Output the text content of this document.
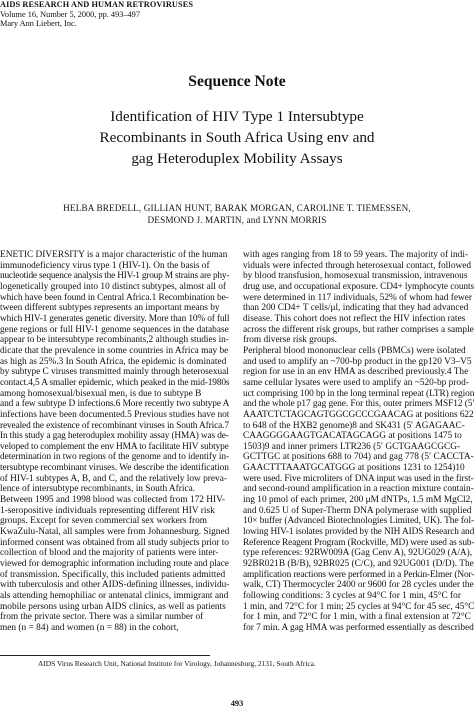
AIDS RESEARCH AND HUMAN RETROVIRUSES
Volume 16, Number 5, 2000, pp. 493–497
Mary Ann Liebert, Inc.
Sequence Note
Identification of HIV Type 1 Intersubtype
Recombinants in South Africa Using env and
gag Heteroduplex Mobility Assays
HELBA BREDELL, GILLIAN HUNT, BARAK MORGAN, CAROLINE T. TIEMESSEN,
DESMOND J. MARTIN, and LYNN MORRIS
ENETIC DIVERSITY is a major characteristic of the human
immunodeficiency virus type 1 (HIV-1). On the basis of
nucleotide sequence analysis the HIV-1 group M strains are phy-
logenetically grouped into 10 distinct subtypes, almost all of
which have been found in Central Africa.1 Recombination be-
tween different subtypes represents an important means by
which HIV-1 generates genetic diversity. More than 10% of full
gene regions or full HIV-1 genome sequences in the database
appear to be intersubtype recombinants,2 although studies in-
dicate that the prevalence in some countries in Africa may be
as high as 25%.3 In South Africa, the epidemic is dominated
by subtype C viruses transmitted mainly through heterosexual
contact.4,5 A smaller epidemic, which peaked in the mid-1980s
among homosexual/bisexual men, is due to subtype B
and a few subtype D infections.6 More recently two subtype A
infections have been documented.5 Previous studies have not
revealed the existence of recombinant viruses in South Africa.7
In this study a gag heteroduplex mobility assay (HMA) was de-
veloped to complement the env HMA to facilitate HIV subtype
determination in two regions of the genome and to identify in-
tersubtype recombinant viruses. We describe the identification
of HIV-1 subtypes A, B, and C, and the relatively low preva-
lence of intersubtype recombinants, in South Africa.
Between 1995 and 1998 blood was collected from 172 HIV-
1-seropositive individuals representing different HIV risk
groups. Except for seven commercial sex workers from
KwaZulu-Natal, all samples were from Johannesburg. Signed
informed consent was obtained from all study subjects prior to
collection of blood and the majority of patients were inter-
viewed for demographic information including route and place
of transmission. Specifically, this included patients admitted
with tuberculosis and other AIDS-defining illnesses, individu-
als attending hemophiliac or antenatal clinics, immigrant and
mobile persons using urban AIDS clinics, as well as patients
from the private sector. There was a similar number of
men (n = 84) and women (n = 88) in the cohort,
with ages ranging from 18 to 59 years. The majority of indi-
viduals were infected through heterosexual contact, followed
by blood transfusion, homosexual transmission, intravenous
drug use, and occupational exposure. CD4+ lymphocyte counts
were determined in 117 individuals, 52% of whom had fewer
than 200 CD4+ T cells/μl, indicating that they had advanced
disease. This cohort does not reflect the HIV infection rates
across the different risk groups, but rather comprises a sample
from diverse risk groups.
Peripheral blood mononuclear cells (PBMCs) were isolated
and used to amplify an ~700-bp product in the gp120 V3–V5
region for use in an env HMA as described previously.4 The
same cellular lysates were used to amplify an ~520-bp prod-
uct comprising 100 bp in the long terminal repeat (LTR) region
and the whole p17 gag gene. For this, outer primers MSF12 (5′
AAATCTCTAGCAGTGGCGCCCGAACAG at positions 622
to 648 of the HXB2 genome)8 and SK431 (5′ AGAGAAC-
CAAGGGGAAGTGACATAGCAGG at positions 1475 to
1503)9 and inner primers LTR236 (5′ GCTGAAGCGCG-
GCTTGC at positions 688 to 704) and gag 778 (5′ CACCTA-
GAACTTTAAATGCATGGG at positions 1231 to 1254)10
were used. Five microliters of DNA input was used in the first-
and second-round amplification in a reaction mixture contain-
ing 10 pmol of each primer, 200 μM dNTPs, 1.5 mM MgCl2,
and 0.625 U of Super-Therm DNA polymerase with supplied
10× buffer (Advanced Biotechnologies Limited, UK). The fol-
lowing HIV-1 isolates provided by the NIH AIDS Research and
Reference Reagent Program (Rockville, MD) were used as sub-
type references: 92RW009A (Gag Cenv A), 92UG029 (A/A),
92BR021B (B/B), 92BR025 (C/C), and 92UG001 (D/D). The
amplification reactions were performed in a Perkin-Elmer (Nor-
walk, CT) Thermocycler 2400 or 9600 for 28 cycles under the
following conditions: 3 cycles at 94°C for 1 min, 45°C for
1 min, and 72°C for 1 min; 25 cycles at 94°C for 45 sec, 45°C
for 1 min, and 72°C for 1 min, with a final extension at 72°C
for 7 min. A gag HMA was performed essentially as described
AIDS Virus Research Unit, National Institute for Virology, Johannesburg, 2131, South Africa.
493
